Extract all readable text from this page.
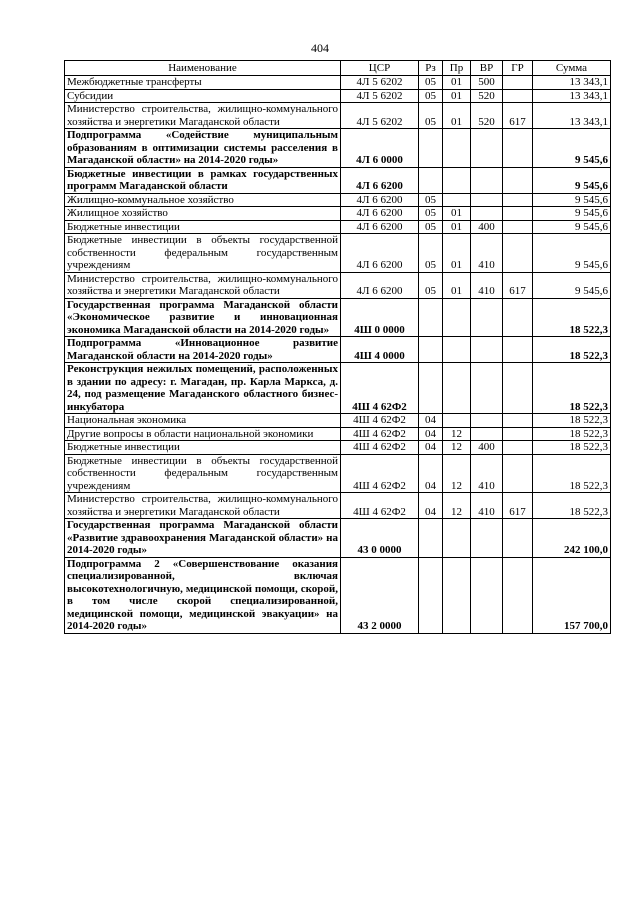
404
Наименование	ЦСР	Рз	Пр	ВР	ГР	Сумма
Межбюджетные трансферты	4Л 5 6202	05	01	500		13 343,1
Субсидии	4Л 5 6202	05	01	520		13 343,1
Министерство строительства, жилищно-коммунального хозяйства и энергетики Магаданской области	4Л 5 6202	05	01	520	617	13 343,1
Подпрограмма «Содействие муниципальным образованиям в оптимизации системы расселения в Магаданской области» на 2014-2020 годы»	4Л 6 0000					9 545,6
Бюджетные инвестиции в рамках государственных программ Магаданской области	4Л 6 6200					9 545,6
Жилищно-коммунальное хозяйство	4Л 6 6200	05				9 545,6
Жилищное хозяйство	4Л 6 6200	05	01			9 545,6
Бюджетные инвестиции	4Л 6 6200	05	01	400		9 545,6
Бюджетные инвестиции в объекты государственной собственности федеральным государственным учреждениям	4Л 6 6200	05	01	410		9 545,6
Министерство строительства, жилищно-коммунального хозяйства и энергетики Магаданской области	4Л 6 6200	05	01	410	617	9 545,6
Государственная программа Магаданской области «Экономическое развитие и инновационная экономика Магаданской области на 2014-2020 годы»	4Ш 0 0000					18 522,3
Подпрограмма «Инновационное развитие Магаданской области на 2014-2020 годы»	4Ш 4 0000					18 522,3
Реконструкция нежилых помещений, расположенных в здании по адресу: г. Магадан, пр. Карла Маркса, д. 24, под размещение Магаданского областного бизнес-инкубатора	4Ш 4 62Ф2					18 522,3
Национальная экономика	4Ш 4 62Ф2	04				18 522,3
Другие вопросы в области национальной экономики	4Ш 4 62Ф2	04	12			18 522,3
Бюджетные инвестиции	4Ш 4 62Ф2	04	12	400		18 522,3
Бюджетные инвестиции в объекты государственной собственности федеральным государственным учреждениям	4Ш 4 62Ф2	04	12	410		18 522,3
Министерство строительства, жилищно-коммунального хозяйства и энергетики Магаданской области	4Ш 4 62Ф2	04	12	410	617	18 522,3
Государственная программа Магаданской области «Развитие здравоохранения Магаданской области» на 2014-2020 годы»	43 0 0000					242 100,0
Подпрограмма 2 «Совершенствование оказания специализированной, включая высокотехнологичную, медицинской помощи, скорой, в том числе скорой специализированной, медицинской помощи, медицинской эвакуации» на 2014-2020 годы»	43 2 0000					157 700,0
